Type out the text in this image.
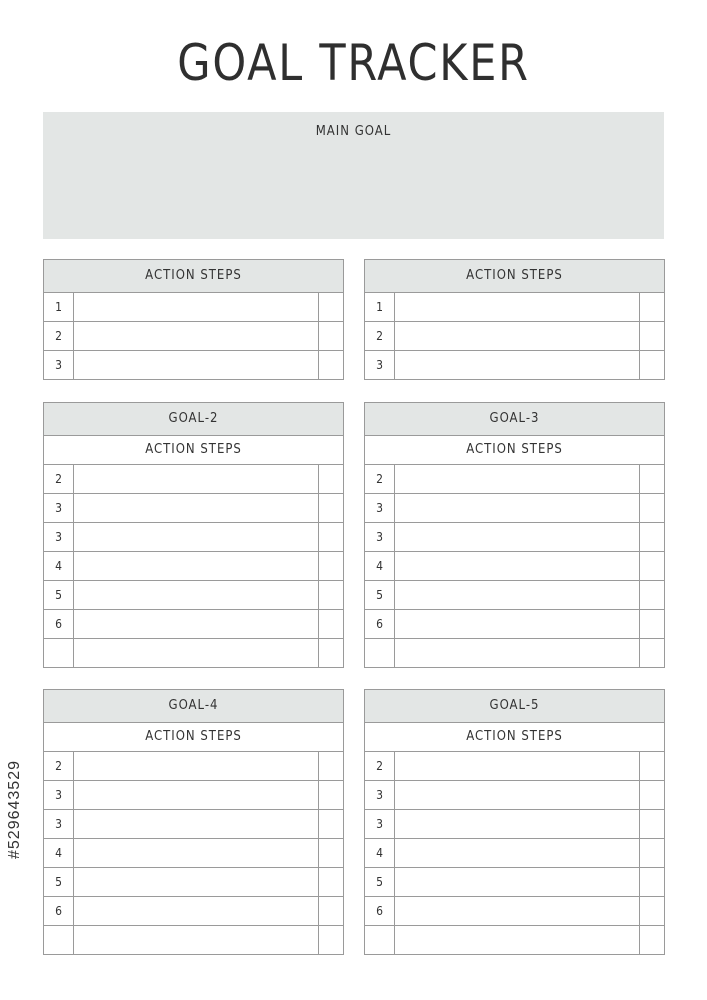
GOAL TRACKER
MAIN GOAL
ACTION STEPS		
1		
2		
3		
ACTION STEPS		
1		
2		
3		
GOAL-2		
ACTION STEPS		
2		
3		
3		
4		
5		
6		

GOAL-3		
ACTION STEPS		
2		
3		
3		
4		
5		
6		

GOAL-4		
ACTION STEPS		
2		
3		
3		
4		
5		
6		

GOAL-5		
ACTION STEPS		
2		
3		
3		
4		
5		
6		

#529643529
